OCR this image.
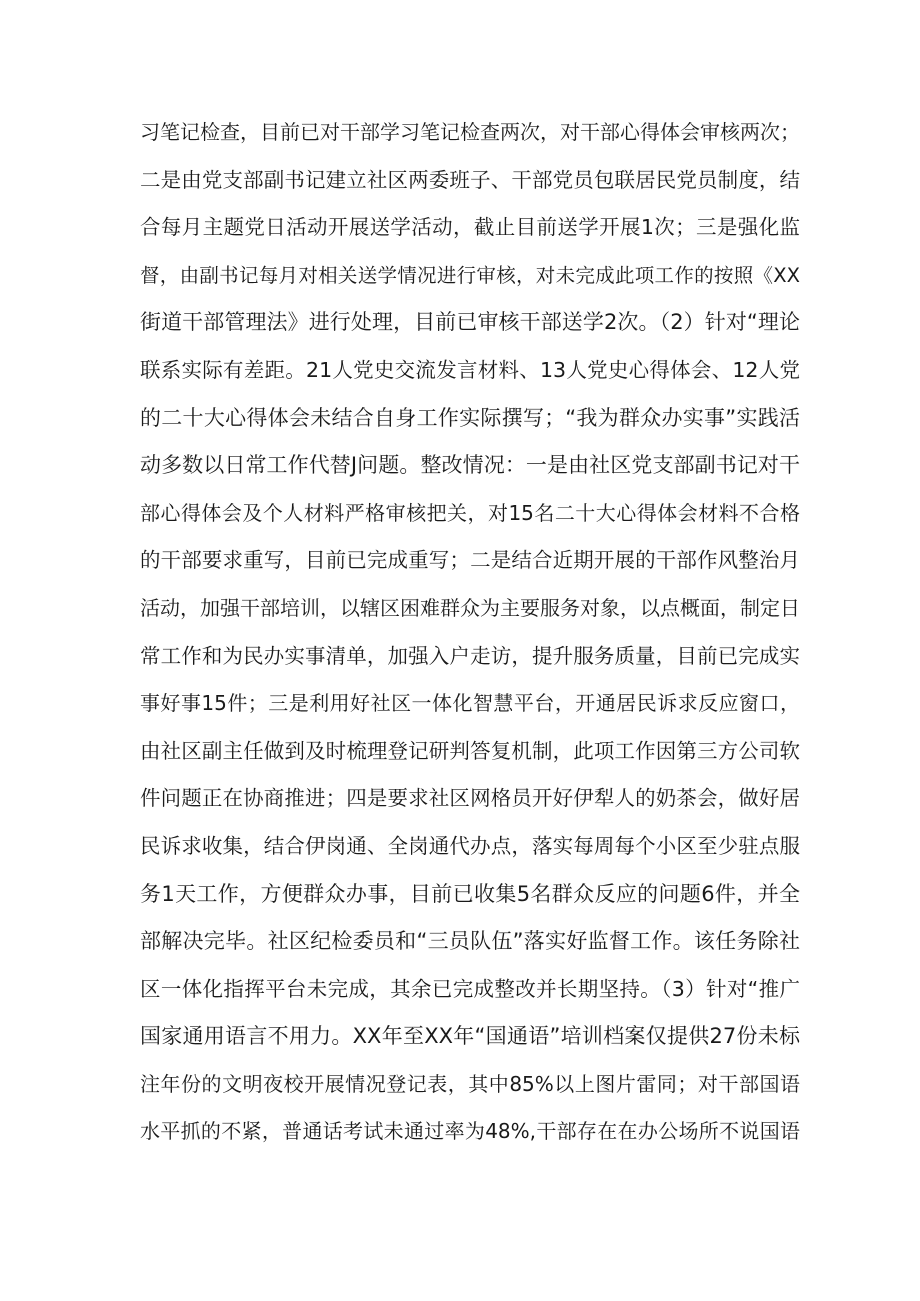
习笔记检查，目前已对干部学习笔记检查两次，对干部心得体会审核两次；
二是由党支部副书记建立社区两委班子、干部党员包联居民党员制度，结
合每月主题党日活动开展送学活动，截止目前送学开展1次；三是强化监
督，由副书记每月对相关送学情况进行审核，对未完成此项工作的按照《XX
街道干部管理法》进行处理，目前已审核干部送学2次。（2）针对“理论
联系实际有差距。21人党史交流发言材料、13人党史心得体会、12人党
的二十大心得体会未结合自身工作实际撰写；“我为群众办实事”实践活
动多数以日常工作代替J问题。整改情况：一是由社区党支部副书记对干
部心得体会及个人材料严格审核把关，对15名二十大心得体会材料不合格
的干部要求重写，目前已完成重写；二是结合近期开展的干部作风整治月
活动，加强干部培训，以辖区困难群众为主要服务对象，以点概面，制定日
常工作和为民办实事清单，加强入户走访，提升服务质量，目前已完成实
事好事15件；三是利用好社区一体化智慧平台，开通居民诉求反应窗口，
由社区副主任做到及时梳理登记研判答复机制，此项工作因第三方公司软
件问题正在协商推进；四是要求社区网格员开好伊犁人的奶茶会，做好居
民诉求收集，结合伊岗通、全岗通代办点，落实每周每个小区至少驻点服
务1天工作，方便群众办事，目前已收集5名群众反应的问题6件，并全
部解决完毕。社区纪检委员和“三员队伍”落实好监督工作。该任务除社
区一体化指挥平台未完成，其余已完成整改并长期坚持。（3）针对“推广
国家通用语言不用力。XX年至XX年“国通语”培训档案仅提供27份未标
注年份的文明夜校开展情况登记表，其中85%以上图片雷同；对干部国语
水平抓的不紧，普通话考试未通过率为48%,干部存在在办公场所不说国语
